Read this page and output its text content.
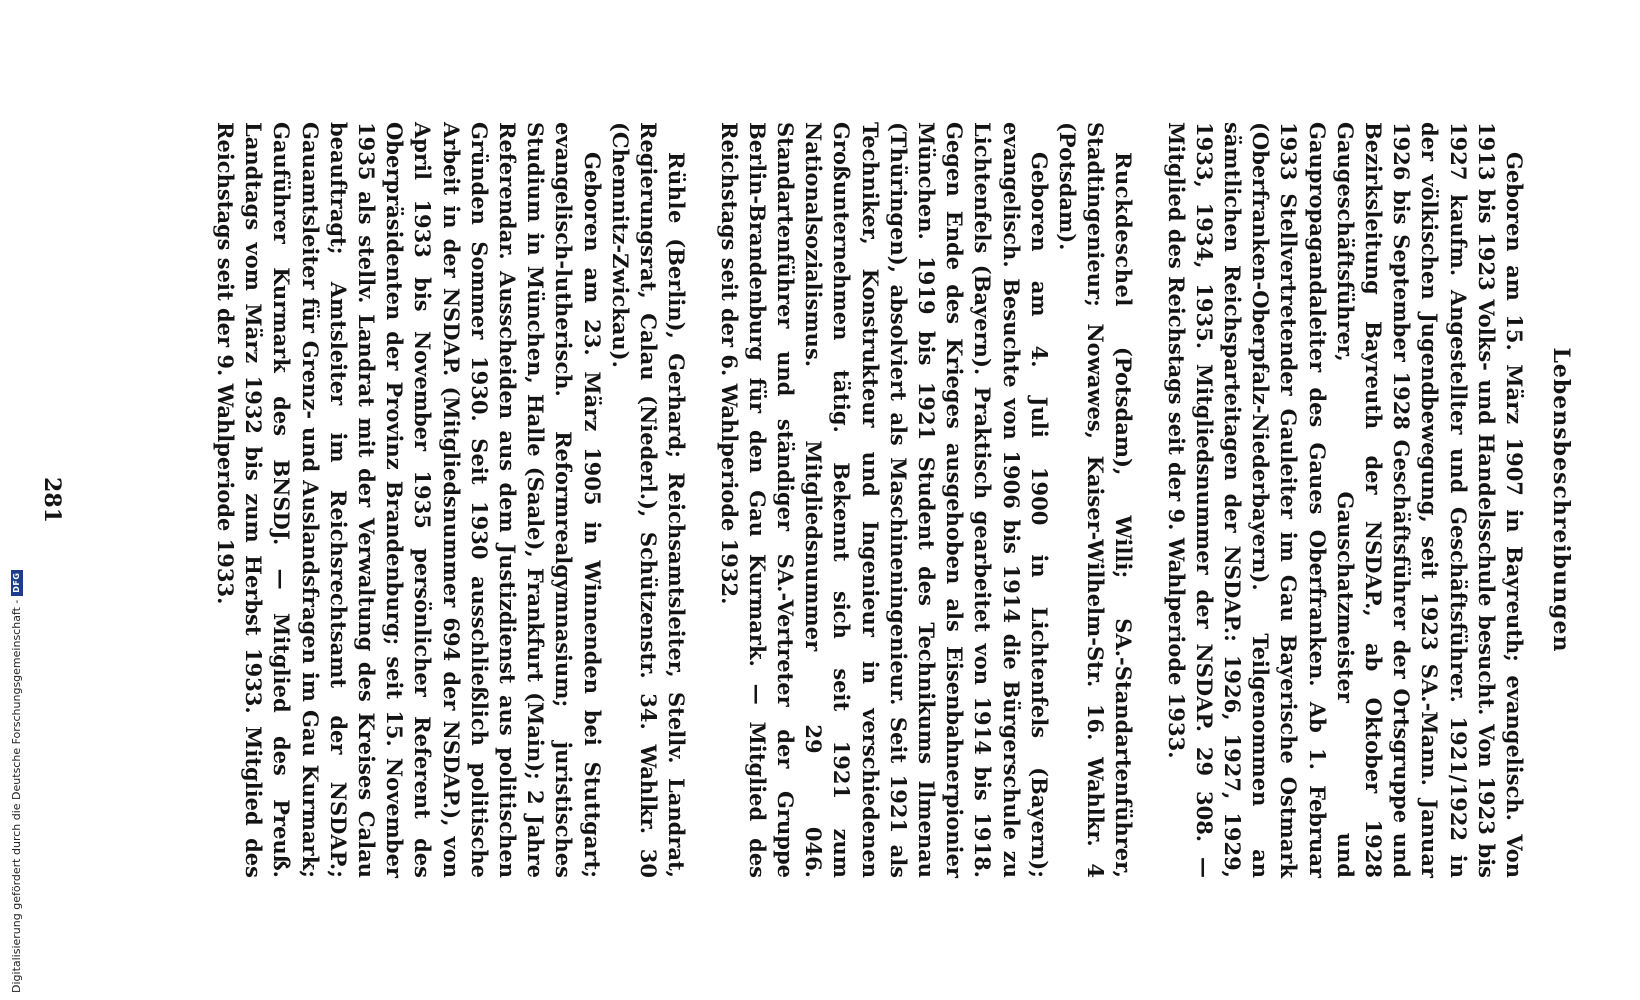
Lebensbeschreibungen

Geboren am 15. März 1907 in Bayreuth; evangelisch. Von 1913 bis 1923 Volks- und Handelsschule besucht. Von 1923 bis 1927 kaufm. Angestellter und Geschäftsführer. 1921/1922 in der völkischen Jugendbewegung, seit 1923 SA.-Mann. Januar 1926 bis September 1928 Geschäftsführer der Ortsgruppe und Bezirksleitung Bayreuth der NSDAP., ab Oktober 1928 Gaugeschäftsführer, Gauschatzmeister und Gaupropagandaleiter des Gaues Oberfranken. Ab 1. Februar 1933 Stellvertretender Gauleiter im Gau Bayerische Ostmark (Oberfranken-Oberpfalz-Niederbayern). Teilgenommen an sämtlichen Reichsparteitagen der NSDAP.: 1926, 1927, 1929, 1933, 1934, 1935. Mitgliedsnummer der NSDAP. 29 308. — Mitglied des Reichstags seit der 9. Wahlperiode 1933.

Ruckdeschel (Potsdam), Willi; SA.-Standartenführer, Stadtingenieur; Nowawes, Kaiser-Wilhelm-Str. 16. Wahlkr. 4 (Potsdam).

Geboren am 4. Juli 1900 in Lichtenfels (Bayern); evangelisch. Besuchte von 1906 bis 1914 die Bürgerschule zu Lichtenfels (Bayern). Praktisch gearbeitet von 1914 bis 1918. Gegen Ende des Krieges ausgehoben als Eisenbahnerpionier München. 1919 bis 1921 Student des Technikums Ilmenau (Thüringen), absolviert als Maschineningenieur. Seit 1921 als Techniker, Konstrukteur und Ingenieur in verschiedenen Großunternehmen tätig. Bekennt sich seit 1921 zum Nationalsozialismus. Mitgliedsnummer 29 046. Standartenführer und ständiger SA.-Vertreter der Gruppe Berlin-Brandenburg für den Gau Kurmark. — Mitglied des Reichstags seit der 6. Wahlperiode 1932.

Rühle (Berlin), Gerhard; Reichsamtsleiter, Stellv. Landrat, Regierungsrat, Calau (Niederl.), Schützenstr. 34. Wahlkr. 30 (Chemnitz-Zwickau).

Geboren am 23. März 1905 in Winnenden bei Stuttgart; evangelisch-lutherisch. Reformrealgymnasium; juristisches Studium in München, Halle (Saale), Frankfurt (Main); 2 Jahre Referendar. Ausscheiden aus dem Justizdienst aus politischen Gründen Sommer 1930. Seit 1930 ausschließlich politische Arbeit in der NSDAP. (Mitgliedsnummer 694 der NSDAP.), von April 1933 bis November 1935 persönlicher Referent des Oberpräsidenten der Provinz Brandenburg; seit 15. November 1935 als stellv. Landrat mit der Verwaltung des Kreises Calau beauftragt; Amtsleiter im Reichsrechtsamt der NSDAP.; Gauamtsleiter für Grenz- und Auslandsfragen im Gau Kurmark; Gauführer Kurmark des BNSDJ. — Mitglied des Preuß. Landtags vom März 1932 bis zum Herbst 1933. Mitglied des Reichstags seit der 9. Wahlperiode 1933.

281
Digitalisierung gefördert durch die Deutsche Forschungsgemeinschaft -
DFG
